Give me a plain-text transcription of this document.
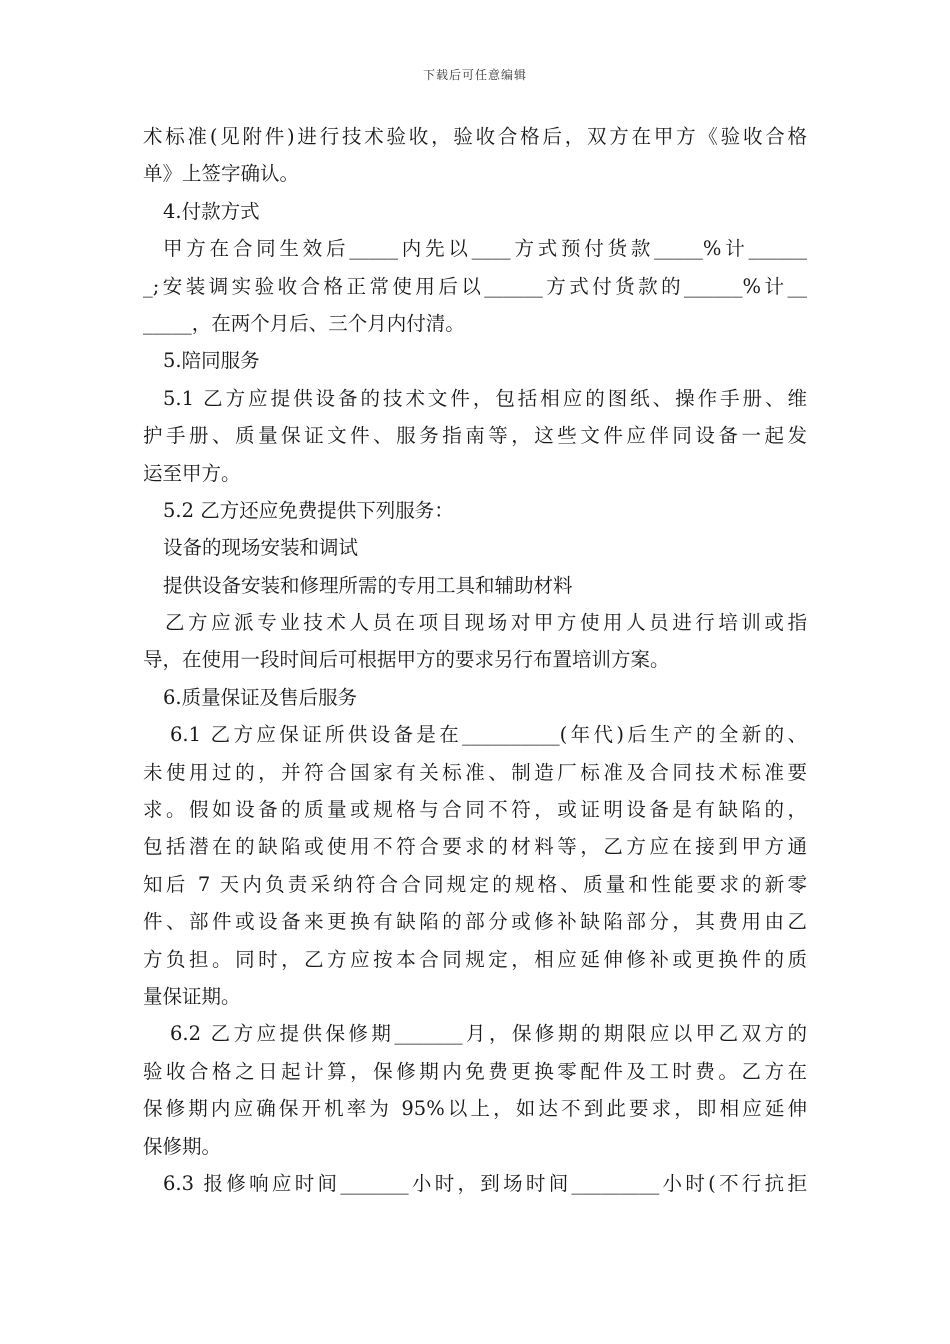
下载后可任意编辑
术标准(见附件)进行技术验收，验收合格后，双方在甲方《验收合格
单》上签字确认。
4.付款方式
甲方在合同生效后_____内先以____方式预付货款_____%计______
_;安装调实验收合格正常使用后以______方式付货款的______%计__
_____，在两个月后、三个月内付清。
5.陪同服务
5.1 乙方应提供设备的技术文件，包括相应的图纸、操作手册、维
护手册、质量保证文件、服务指南等，这些文件应伴同设备一起发
运至甲方。
5.2 乙方还应免费提供下列服务：
设备的现场安装和调试
提供设备安装和修理所需的专用工具和辅助材料
乙方应派专业技术人员在项目现场对甲方使用人员进行培训或指
导，在使用一段时间后可根据甲方的要求另行布置培训方案。
6.质量保证及售后服务
6.1 乙方应保证所供设备是在__________(年代)后生产的全新的、
未使用过的，并符合国家有关标准、制造厂标准及合同技术标准要
求。假如设备的质量或规格与合同不符，或证明设备是有缺陷的，
包括潜在的缺陷或使用不符合要求的材料等，乙方应在接到甲方通
知后 7 天内负责采纳符合合同规定的规格、质量和性能要求的新零
件、部件或设备来更换有缺陷的部分或修补缺陷部分，其费用由乙
方负担。同时，乙方应按本合同规定，相应延伸修补或更换件的质
量保证期。
6.2 乙方应提供保修期_______月，保修期的期限应以甲乙双方的
验收合格之日起计算，保修期内免费更换零配件及工时费。乙方在
保修期内应确保开机率为 95%以上，如达不到此要求，即相应延伸
保修期。
6.3 报修响应时间_______小时，到场时间_________小时(不行抗拒
